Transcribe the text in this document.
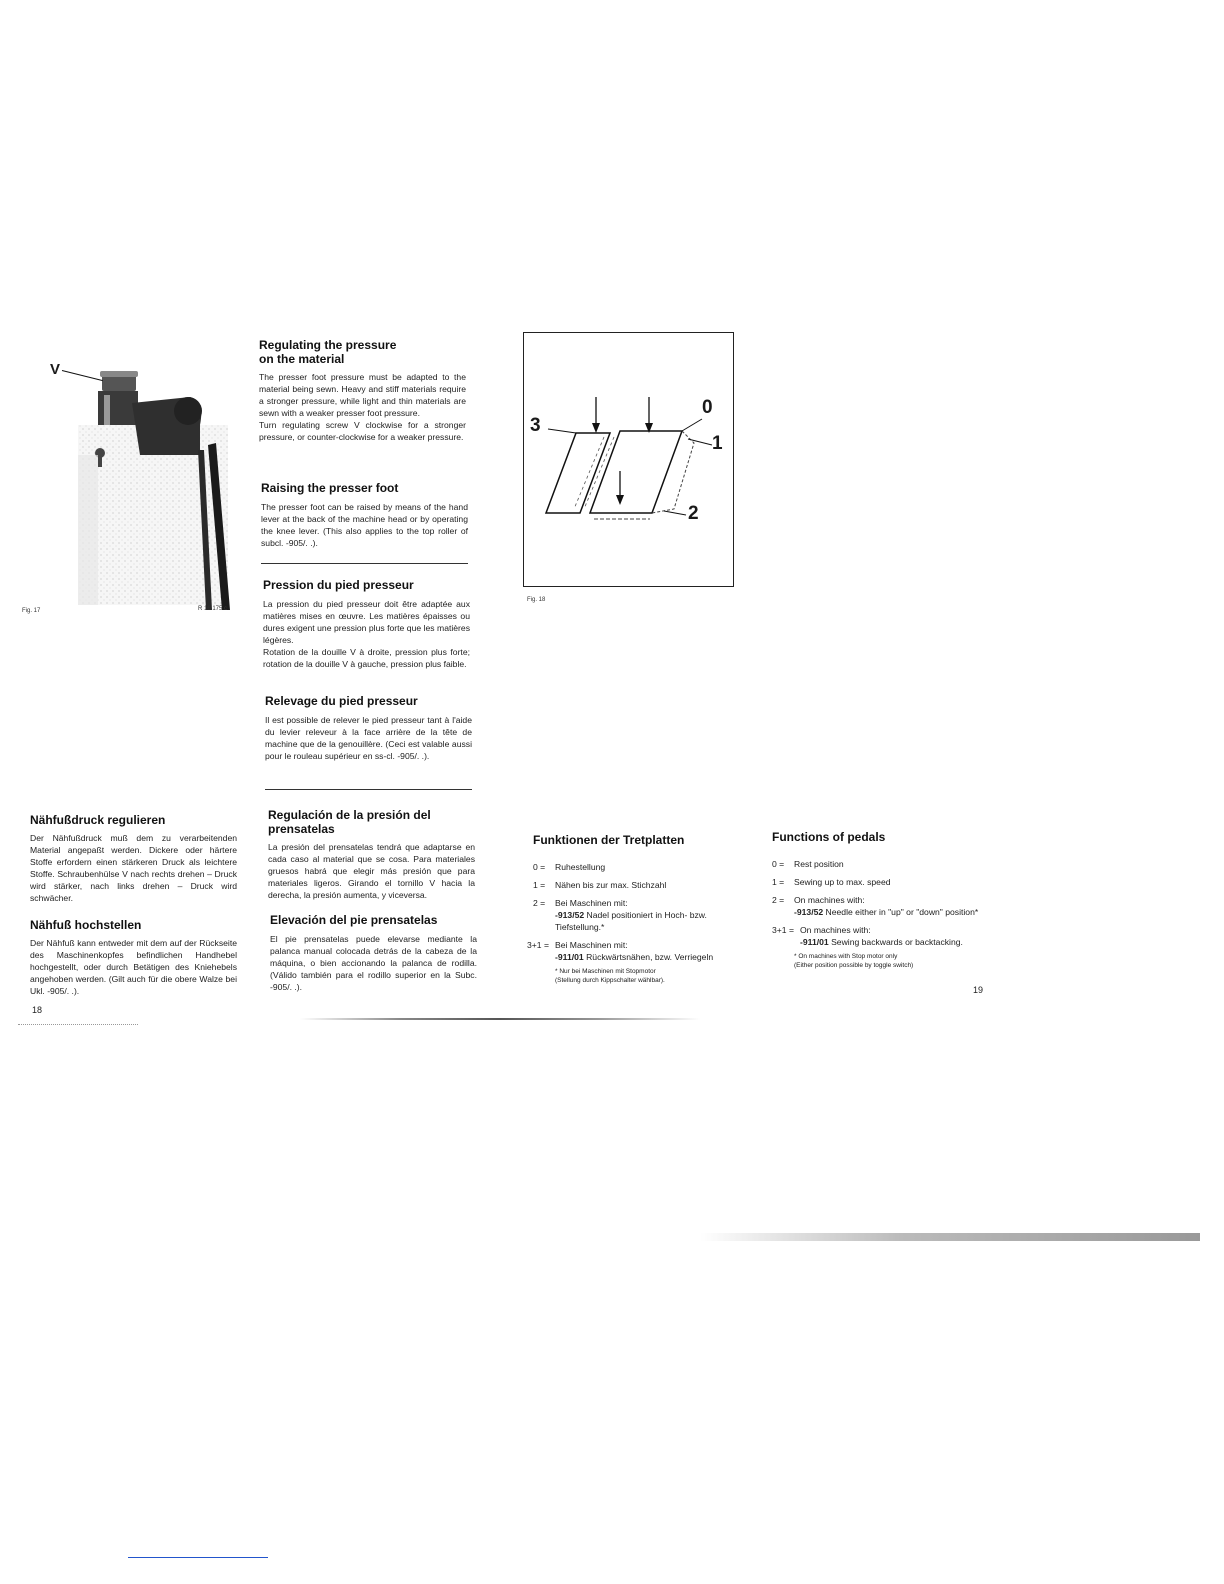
V
Fig. 17	R 16 175 c
Nähfußdruck regulieren

Der Nähfußdruck muß dem zu verarbeitenden Material angepaßt werden. Dickere oder härtere Stoffe erfordern einen stärkeren Druck als leichtere Stoffe. Schraubenhülse V nach rechts drehen – Druck wird stärker, nach links drehen – Druck wird schwächer.

Nähfuß hochstellen

Der Nähfuß kann entweder mit dem auf der Rückseite des Maschinenkopfes befindlichen Handhebel hochgestellt, oder durch Betätigen des Kniehebels angehoben werden. (Gilt auch für die obere Walze bei Ukl. -905/. .).

18
Regulating the pressure
on the material

The presser foot pressure must be adapted to the material being sewn. Heavy and stiff materials require a stronger pressure, while light and thin materials are sewn with a weaker presser foot pressure.

Turn regulating screw V clockwise for a stronger pressure, or counter-clockwise for a weaker pressure.

Raising the presser foot

The presser foot can be raised by means of the hand lever at the back of the machine head or by operating the knee lever. (This also applies to the top roller of subcl. -905/. .).

Pression du pied presseur

La pression du pied presseur doit être adaptée aux matières mises en œuvre. Les matières épaisses ou dures exigent une pression plus forte que les matières légères.

Rotation de la douille V à droite, pression plus forte; rotation de la douille V à gauche, pression plus faible.

Relevage du pied presseur

Il est possible de relever le pied presseur tant à l'aide du levier releveur à la face arrière de la tête de machine que de la genouillère. (Ceci est valable aussi pour le rouleau supérieur en ss-cl. -905/. .).

Regulación de la presión del
prensatelas

La presión del prensatelas tendrá que adaptarse en cada caso al material que se cosa. Para materiales gruesos habrá que elegir más presión que para materiales ligeros. Girando el tornillo V hacia la derecha, la presión aumenta, y viceversa.

Elevación del pie prensatelas

El pie prensatelas puede elevarse mediante la palanca manual colocada detrás de la cabeza de la máquina, o bien accionando la palanca de rodilla. (Válido también para el rodillo superior en la Subc. -905/. .).

3
0
1
2
Fig. 18
Funktionen der Tretplatten
0 =	Ruhestellung
1 =	Nähen bis zur max. Stichzahl
2 =	Bei Maschinen mit:
-913/52 Nadel positioniert in Hoch- bzw. Tiefstellung.*
3+1 = Bei Maschinen mit:
-911/01 Rückwärtsnähen, bzw. Verriegeln
* Nur bei Maschinen mit Stopmotor
(Stellung durch Kippschalter wählbar).
Functions of pedals
0 =	Rest position
1 =	Sewing up to max. speed
2 =	On machines with:
-913/52 Needle either in "up" or "down" position*
3+1 = On machines with:
-911/01 Sewing backwards or backtacking.
* On machines with Stop motor only
(Either position possible by toggle switch)
19
